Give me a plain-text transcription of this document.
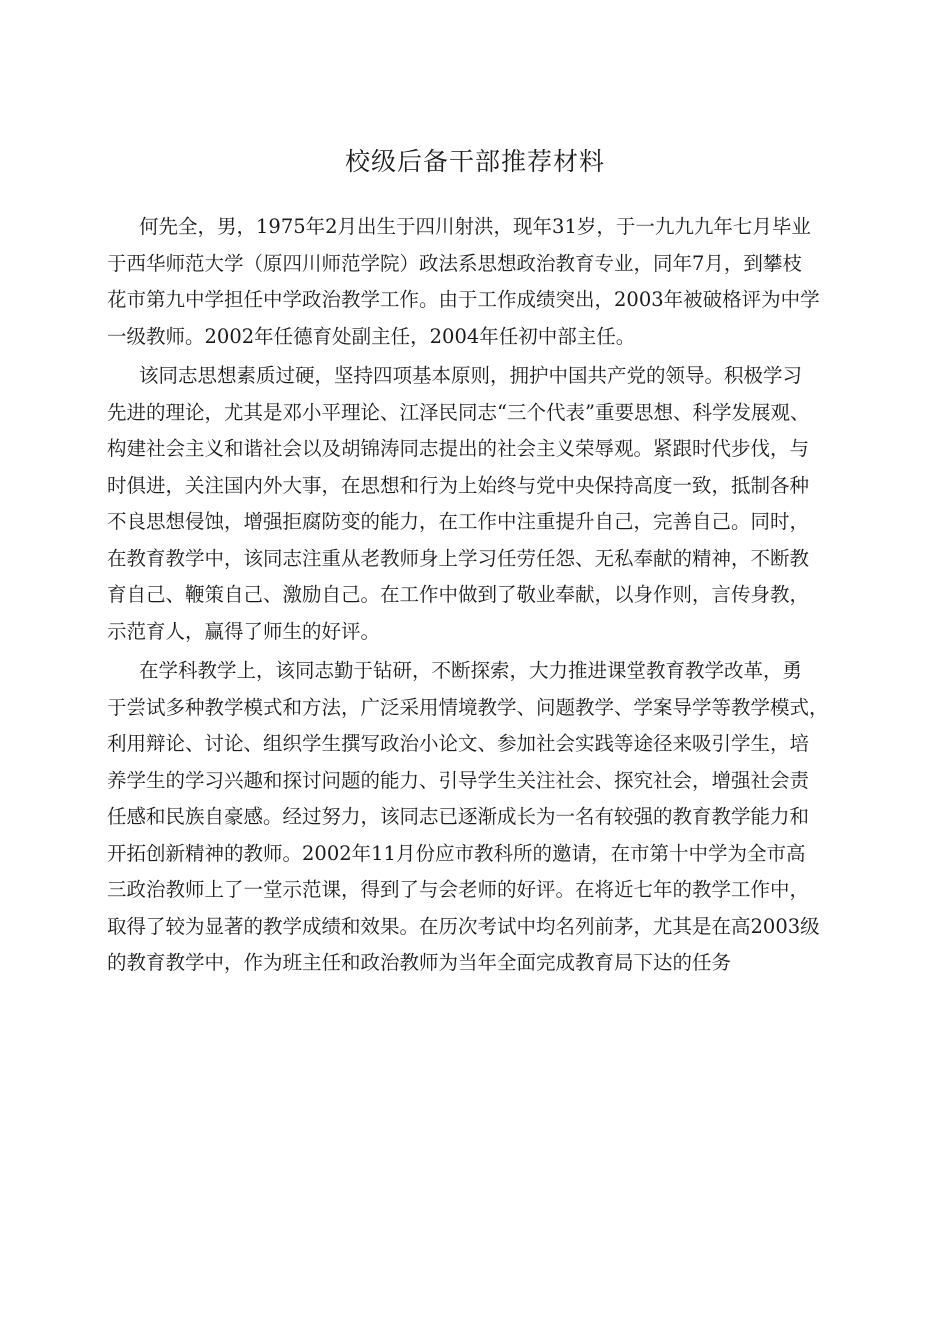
校级后备干部推荐材料
何先全，男，1975年2月出生于四川射洪，现年31岁，于一九九九年七月毕业
于西华师范大学（原四川师范学院）政法系思想政治教育专业，同年7月，到攀枝
花市第九中学担任中学政治教学工作。由于工作成绩突出，2003年被破格评为中学
一级教师。2002年任德育处副主任，2004年任初中部主任。
该同志思想素质过硬，坚持四项基本原则，拥护中国共产党的领导。积极学习
先进的理论，尤其是邓小平理论、江泽民同志“三个代表”重要思想、科学发展观、
构建社会主义和谐社会以及胡锦涛同志提出的社会主义荣辱观。紧跟时代步伐，与
时俱进，关注国内外大事，在思想和行为上始终与党中央保持高度一致，抵制各种
不良思想侵蚀，增强拒腐防变的能力，在工作中注重提升自己，完善自己。同时，
在教育教学中，该同志注重从老教师身上学习任劳任怨、无私奉献的精神，不断教
育自己、鞭策自己、激励自己。在工作中做到了敬业奉献，以身作则，言传身教，
示范育人，赢得了师生的好评。
在学科教学上，该同志勤于钻研，不断探索，大力推进课堂教育教学改革，勇
于尝试多种教学模式和方法，广泛采用情境教学、问题教学、学案导学等教学模式，
利用辩论、讨论、组织学生撰写政治小论文、参加社会实践等途径来吸引学生，培
养学生的学习兴趣和探讨问题的能力、引导学生关注社会、探究社会，增强社会责
任感和民族自豪感。经过努力，该同志已逐渐成长为一名有较强的教育教学能力和
开拓创新精神的教师。2002年11月份应市教科所的邀请，在市第十中学为全市高
三政治教师上了一堂示范课，得到了与会老师的好评。在将近七年的教学工作中，
取得了较为显著的教学成绩和效果。在历次考试中均名列前茅，尤其是在高2003级
的教育教学中，作为班主任和政治教师为当年全面完成教育局下达的任务
